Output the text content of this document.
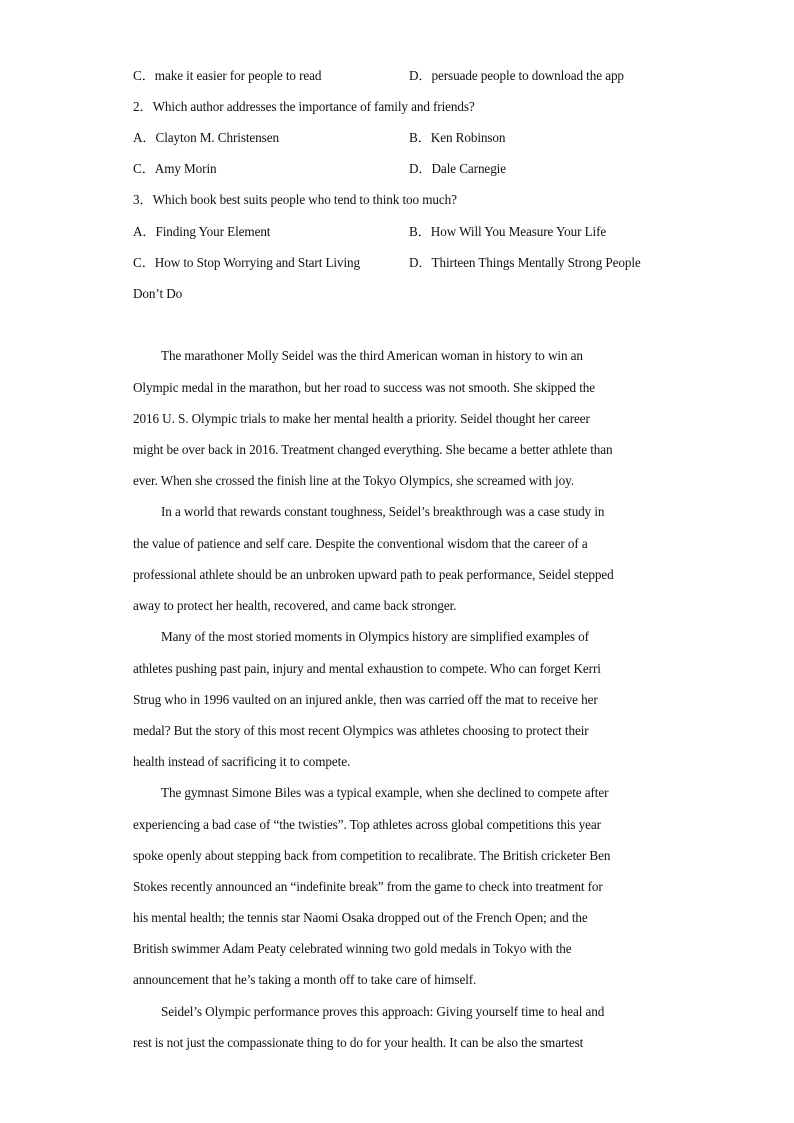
C．make it easier for people to read	D．persuade people to download the app
2．Which author addresses the importance of family and friends?
A．Clayton M. Christensen	B．Ken Robinson
C．Amy Morin	D．Dale Carnegie
3．Which book best suits people who tend to think too much?
A．Finding Your Element	B．How Will You Measure Your Life
C．How to Stop Worrying and Start Living	D．Thirteen Things Mentally Strong People
Don’t Do
The marathoner Molly Seidel was the third American woman in history to win an
Olympic medal in the marathon, but her road to success was not smooth. She skipped the
2016 U. S. Olympic trials to make her mental health a priority. Seidel thought her career
might be over back in 2016. Treatment changed everything. She became a better athlete than
ever. When she crossed the finish line at the Tokyo Olympics, she screamed with joy.
In a world that rewards constant toughness, Seidel’s breakthrough was a case study in
the value of patience and self care. Despite the conventional wisdom that the career of a
professional athlete should be an unbroken upward path to peak performance, Seidel stepped
away to protect her health, recovered, and came back stronger.
Many of the most storied moments in Olympics history are simplified examples of
athletes pushing past pain, injury and mental exhaustion to compete. Who can forget Kerri
Strug who in 1996 vaulted on an injured ankle, then was carried off the mat to receive her
medal? But the story of this most recent Olympics was athletes choosing to protect their
health instead of sacrificing it to compete.
The gymnast Simone Biles was a typical example, when she declined to compete after
experiencing a bad case of “the twisties”. Top athletes across global competitions this year
spoke openly about stepping back from competition to recalibrate. The British cricketer Ben
Stokes recently announced an “indefinite break” from the game to check into treatment for
his mental health; the tennis star Naomi Osaka dropped out of the French Open; and the
British swimmer Adam Peaty celebrated winning two gold medals in Tokyo with the
announcement that he’s taking a month off to take care of himself.
Seidel’s Olympic performance proves this approach: Giving yourself time to heal and
rest is not just the compassionate thing to do for your health. It can be also the smartest
